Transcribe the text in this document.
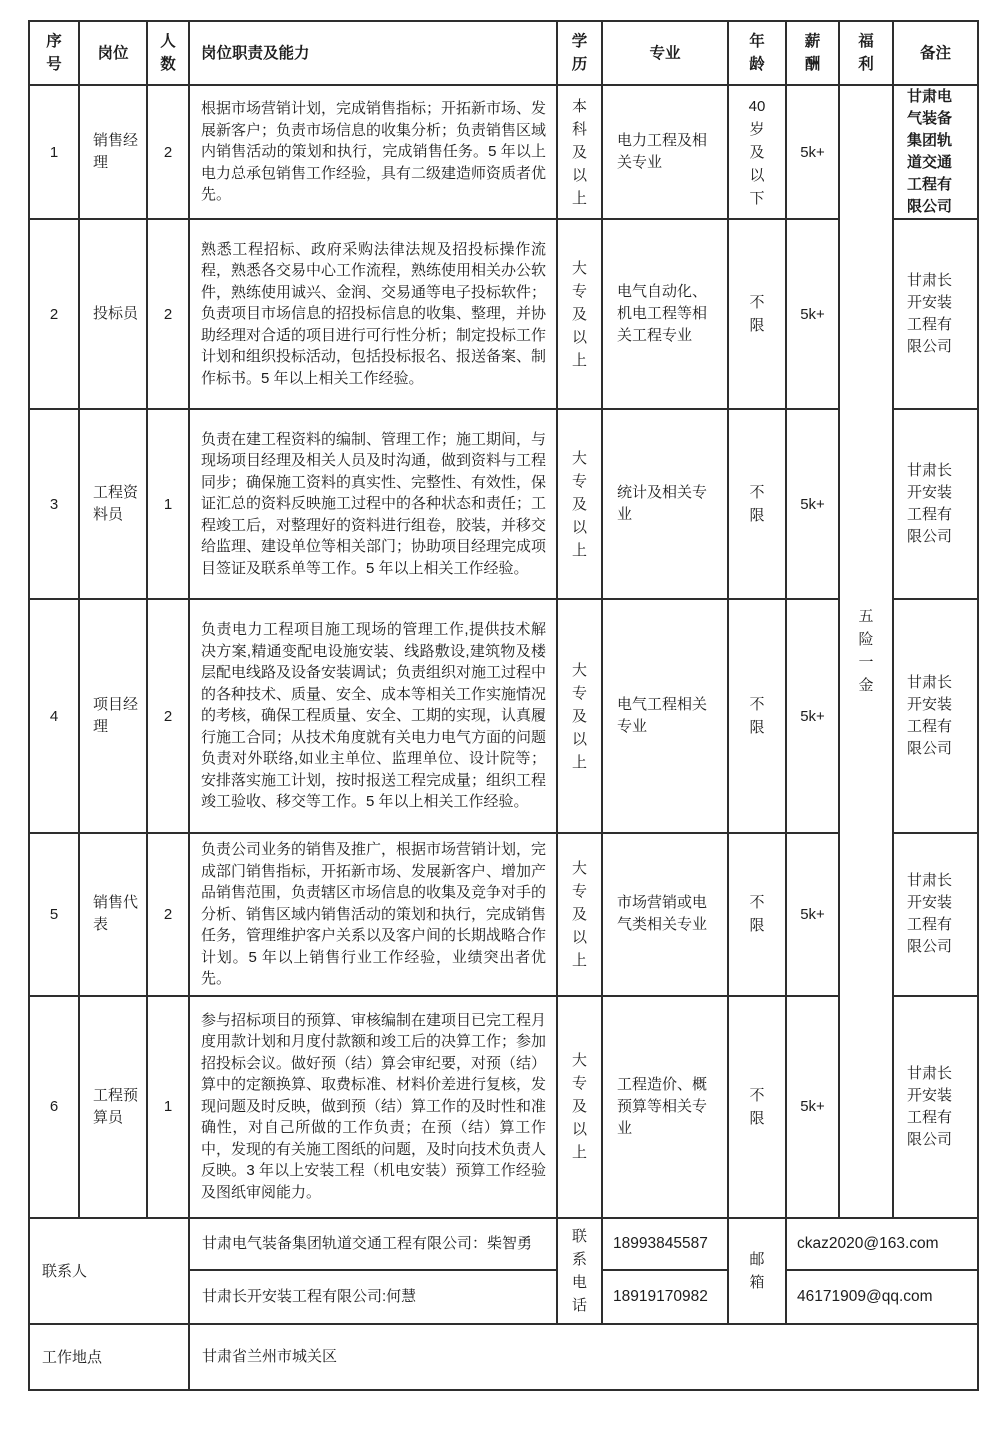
序号	岗位	人数	岗位职责及能力	学历	专业	年龄	薪酬	福利	备注
1	销售经理	2	根据市场营销计划，完成销售指标；开拓新市场、发展新客户；负责市场信息的收集分析；负责销售区域内销售活动的策划和执行，完成销售任务。5 年以上电力总承包销售工作经验，具有二级建造师资质者优先。	本科及以上	电力工程及相关专业	40岁及以下	5k+	五险一金	甘肃电气装备集团轨道交通工程有限公司
2	投标员	2	熟悉工程招标、政府采购法律法规及招投标操作流程，熟悉各交易中心工作流程，熟练使用相关办公软件，熟练使用诚兴、金润、交易通等电子投标软件；负责项目市场信息的招投标信息的收集、整理，并协助经理对合适的项目进行可行性分析；制定投标工作计划和组织投标活动，包括投标报名、报送备案、制作标书。5 年以上相关工作经验。	大专及以上	电气自动化、机电工程等相关工程专业	不限	5k+		甘肃长开安装工程有限公司
3	工程资料员	1	负责在建工程资料的编制、管理工作；施工期间，与现场项目经理及相关人员及时沟通，做到资料与工程同步；确保施工资料的真实性、完整性、有效性，保证汇总的资料反映施工过程中的各种状态和责任；工程竣工后，对整理好的资料进行组卷，胶装，并移交给监理、建设单位等相关部门；协助项目经理完成项目签证及联系单等工作。5 年以上相关工作经验。	大专及以上	统计及相关专业	不限	5k+		甘肃长开安装工程有限公司
4	项目经理	2	负责电力工程项目施工现场的管理工作,提供技术解决方案,精通变配电设施安装、线路敷设,建筑物及楼层配电线路及设备安装调试；负责组织对施工过程中的各种技术、质量、安全、成本等相关工作实施情况的考核，确保工程质量、安全、工期的实现，认真履行施工合同；从技术角度就有关电力电气方面的问题负责对外联络,如业主单位、监理单位、设计院等；安排落实施工计划，按时报送工程完成量；组织工程竣工验收、移交等工作。5 年以上相关工作经验。	大专及以上	电气工程相关专业	不限	5k+		甘肃长开安装工程有限公司
5	销售代表	2	负责公司业务的销售及推广，根据市场营销计划，完成部门销售指标，开拓新市场、发展新客户、增加产品销售范围，负责辖区市场信息的收集及竞争对手的分析、销售区域内销售活动的策划和执行，完成销售任务，管理维护客户关系以及客户间的长期战略合作计划。5 年以上销售行业工作经验，业绩突出者优先。	大专及以上	市场营销或电气类相关专业	不限	5k+		甘肃长开安装工程有限公司
6	工程预算员	1	参与招标项目的预算、审核编制在建项目已完工程月度用款计划和月度付款额和竣工后的决算工作；参加招投标会议。做好预（结）算会审纪要，对预（结）算中的定额换算、取费标准、材料价差进行复核，发现问题及时反映，做到预（结）算工作的及时性和准确性，对自己所做的工作负责；在预（结）算工作中，发现的有关施工图纸的问题，及时向技术负责人反映。3 年以上安装工程（机电安装）预算工作经验及图纸审阅能力。	大专及以上	工程造价、概预算等相关专业	不限	5k+		甘肃长开安装工程有限公司
联系人			甘肃电气装备集团轨道交通工程有限公司：柴智勇	联系电话	18993845587	邮箱	ckaz2020@163.com		
			甘肃长开安装工程有限公司:何慧		18919170982		46171909@qq.com		
工作地点			甘肃省兰州市城关区						
